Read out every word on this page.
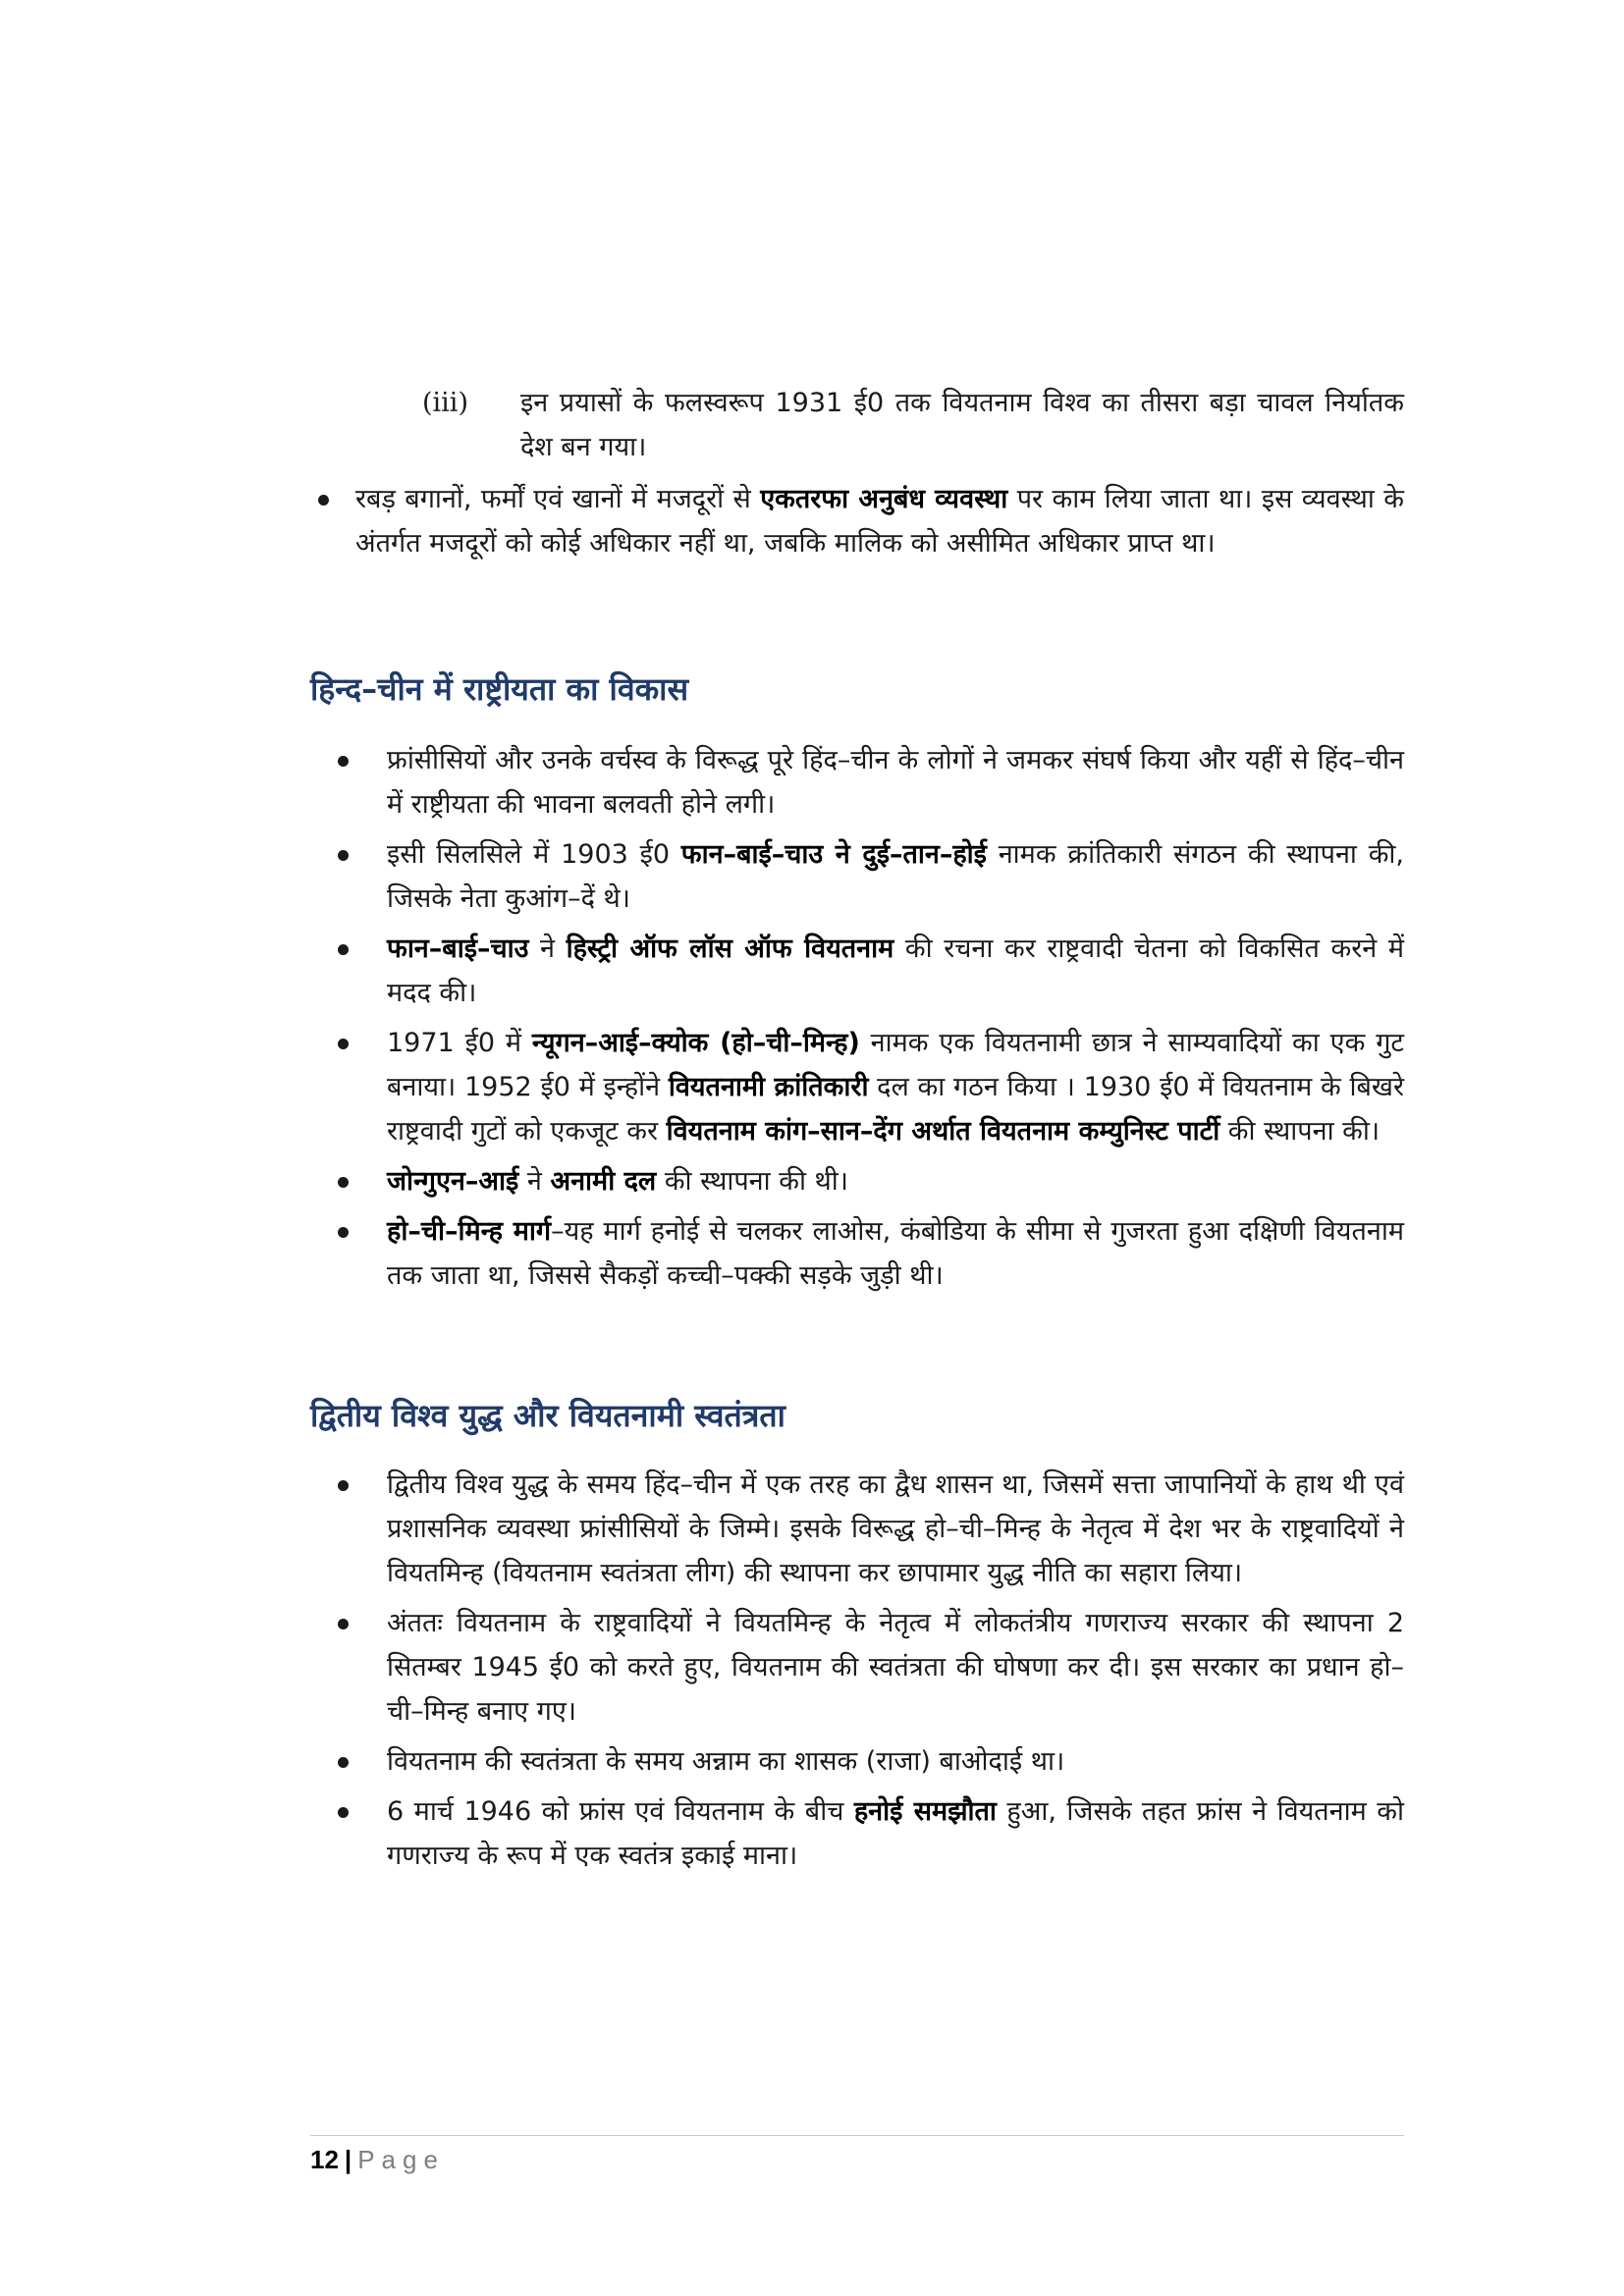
(iii)	इन प्रयासों के फलस्वरूप 1931 ई0 तक वियतनाम विश्व का तीसरा बड़ा चावल निर्यातक देश बन गया।
रबड़ बगानों, फर्मों एवं खानों में मजदूरों से एकतरफा अनुबंध व्यवस्था पर काम लिया जाता था। इस व्यवस्था के अंतर्गत मजदूरों को कोई अधिकार नहीं था, जबकि मालिक को असीमित अधिकार प्राप्त था।
हिन्द–चीन में राष्ट्रीयता का विकास
फ्रांसीसियों और उनके वर्चस्व के विरूद्ध पूरे हिंद–चीन के लोगों ने जमकर संघर्ष किया और यहीं से हिंद–चीन में राष्ट्रीयता की भावना बलवती होने लगी।
इसी सिलसिले में 1903 ई0 फान–बाई–चाउ ने दुई–तान–होई नामक क्रांतिकारी संगठन की स्थापना की, जिसके नेता कुआंग–दें थे।
फान–बाई–चाउ ने हिस्ट्री ऑफ लॉस ऑफ वियतनाम की रचना कर राष्ट्रवादी चेतना को विकसित करने में मदद की।
1971 ई0 में न्यूगन–आई–क्योक (हो–ची–मिन्ह) नामक एक वियतनामी छात्र ने साम्यवादियों का एक गुट बनाया। 1952 ई0 में इन्होंने वियतनामी क्रांतिकारी दल का गठन किया । 1930 ई0 में वियतनाम के बिखरे राष्ट्रवादी गुटों को एकजूट कर वियतनाम कांग–सान–देंग अर्थात वियतनाम कम्युनिस्ट पार्टी की स्थापना की।
जोन्गुएन–आई ने अनामी दल की स्थापना की थी।
हो–ची–मिन्ह मार्ग–यह मार्ग हनोई से चलकर लाओस, कंबोडिया के सीमा से गुजरता हुआ दक्षिणी वियतनाम तक जाता था, जिससे सैकड़ों कच्ची–पक्की सड़के जुड़ी थी।
द्वितीय विश्व युद्ध और वियतनामी स्वतंत्रता
द्वितीय विश्व युद्ध के समय हिंद–चीन में एक तरह का द्वैध शासन था, जिसमें सत्ता जापानियों के हाथ थी एवं प्रशासनिक व्यवस्था फ्रांसीसियों के जिम्मे। इसके विरूद्ध हो–ची–मिन्ह के नेतृत्व में देश भर के राष्ट्रवादियों ने वियतमिन्ह (वियतनाम स्वतंत्रता लीग) की स्थापना कर छापामार युद्ध नीति का सहारा लिया।
अंततः वियतनाम के राष्ट्रवादियों ने वियतमिन्ह के नेतृत्व में लोकतंत्रीय गणराज्य सरकार की स्थापना 2 सितम्बर 1945 ई0 को करते हुए, वियतनाम की स्वतंत्रता की घोषणा कर दी। इस सरकार का प्रधान हो–ची–मिन्ह बनाए गए।
वियतनाम की स्वतंत्रता के समय अन्नाम का शासक (राजा) बाओदाई था।
6 मार्च 1946 को फ्रांस एवं वियतनाम के बीच हनोई समझौता हुआ, जिसके तहत फ्रांस ने वियतनाम को गणराज्य के रूप में एक स्वतंत्र इकाई माना।
12 | Page
